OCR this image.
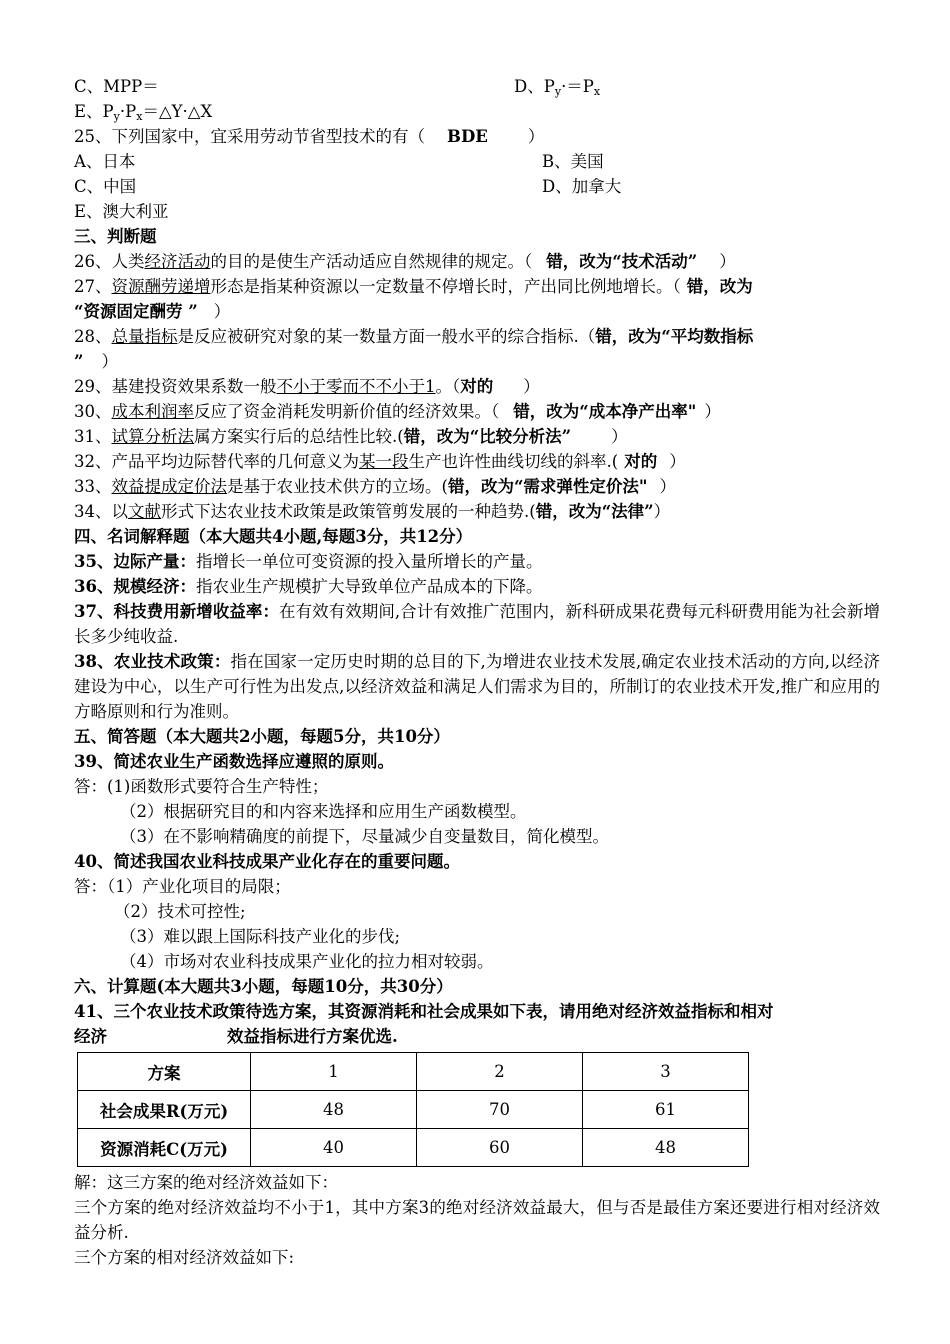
C、MPP＝	D、$P_y\cdot=P_x$
E、$P_y\cdot P_x=\triangle Y\cdot\triangle X$
25、下列国家中，宜采用劳动节省型技术的有（ BDE ）
A、日本	B、美国
C、中国	D、加拿大
E、澳大利亚
三、判断题
26、人类经济活动的目的是使生产活动适应自然规律的规定。（ 错，改为“技术活动” ）
27、资源酬劳递增形态是指某种资源以一定数量不停增长时，产出同比例地增长。（ 错，改为
“资源固定酬劳 ” ）
28、总量指标是反应被研究对象的某一数量方面一般水平的综合指标.（错，改为“平均数指标
” ）
29、基建投资效果系数一般不小于零而不不小于1。（对的 ）
30、成本利润率反应了资金消耗发明新价值的经济效果。（ 错，改为“成本净产出率" ）
31、试算分析法属方案实行后的总结性比较.(错，改为“比较分析法” ）
32、产品平均边际替代率的几何意义为某一段生产也许性曲线切线的斜率.( 对的 ）
33、效益提成定价法是基于农业技术供方的立场。(错，改为“需求弹性定价法" ）
34、以文献形式下达农业技术政策是政策管剪发展的一种趋势.(错，改为“法律”）
四、名词解释题（本大题共4小题,每题3分，共12分）
35、边际产量：指增长一单位可变资源的投入量所增长的产量。
36、规模经济：指农业生产规模扩大导致单位产品成本的下降。
37、科技费用新增收益率：在有效有效期间,合计有效推广范围内，新科研成果花费每元科研费用能为社会新增长多少纯收益.
38、农业技术政策：指在国家一定历史时期的总目的下,为增进农业技术发展,确定农业技术活动的方向,以经济建设为中心，以生产可行性为出发点,以经济效益和满足人们需求为目的，所制订的农业技术开发,推广和应用的方略原则和行为准则。
五、简答题（本大题共2小题，每题5分，共10分）
39、简述农业生产函数选择应遵照的原则。
答：(1)函数形式要符合生产特性；
（2）根据研究目的和内容来选择和应用生产函数模型。
（3）在不影响精确度的前提下，尽量减少自变量数目，简化模型。
40、简述我国农业科技成果产业化存在的重要问题。
答：（1）产业化项目的局限；
（2）技术可控性;
（3）难以跟上国际科技产业化的步伐;
（4）市场对农业科技成果产业化的拉力相对较弱。
六、计算题(本大题共3小题，每题10分，共30分）
41、三个农业技术政策待选方案，其资源消耗和社会成果如下表，请用绝对经济效益指标和相对
经济	效益指标进行方案优选.
方案	1	2	3
社会成果R(万元)	48	70	61
资源消耗C(万元)	40	60	48
解：这三方案的绝对经济效益如下：
三个方案的绝对经济效益均不小于1，其中方案3的绝对经济效益最大，但与否是最佳方案还要进行相对经济效益分析.
三个方案的相对经济效益如下:
